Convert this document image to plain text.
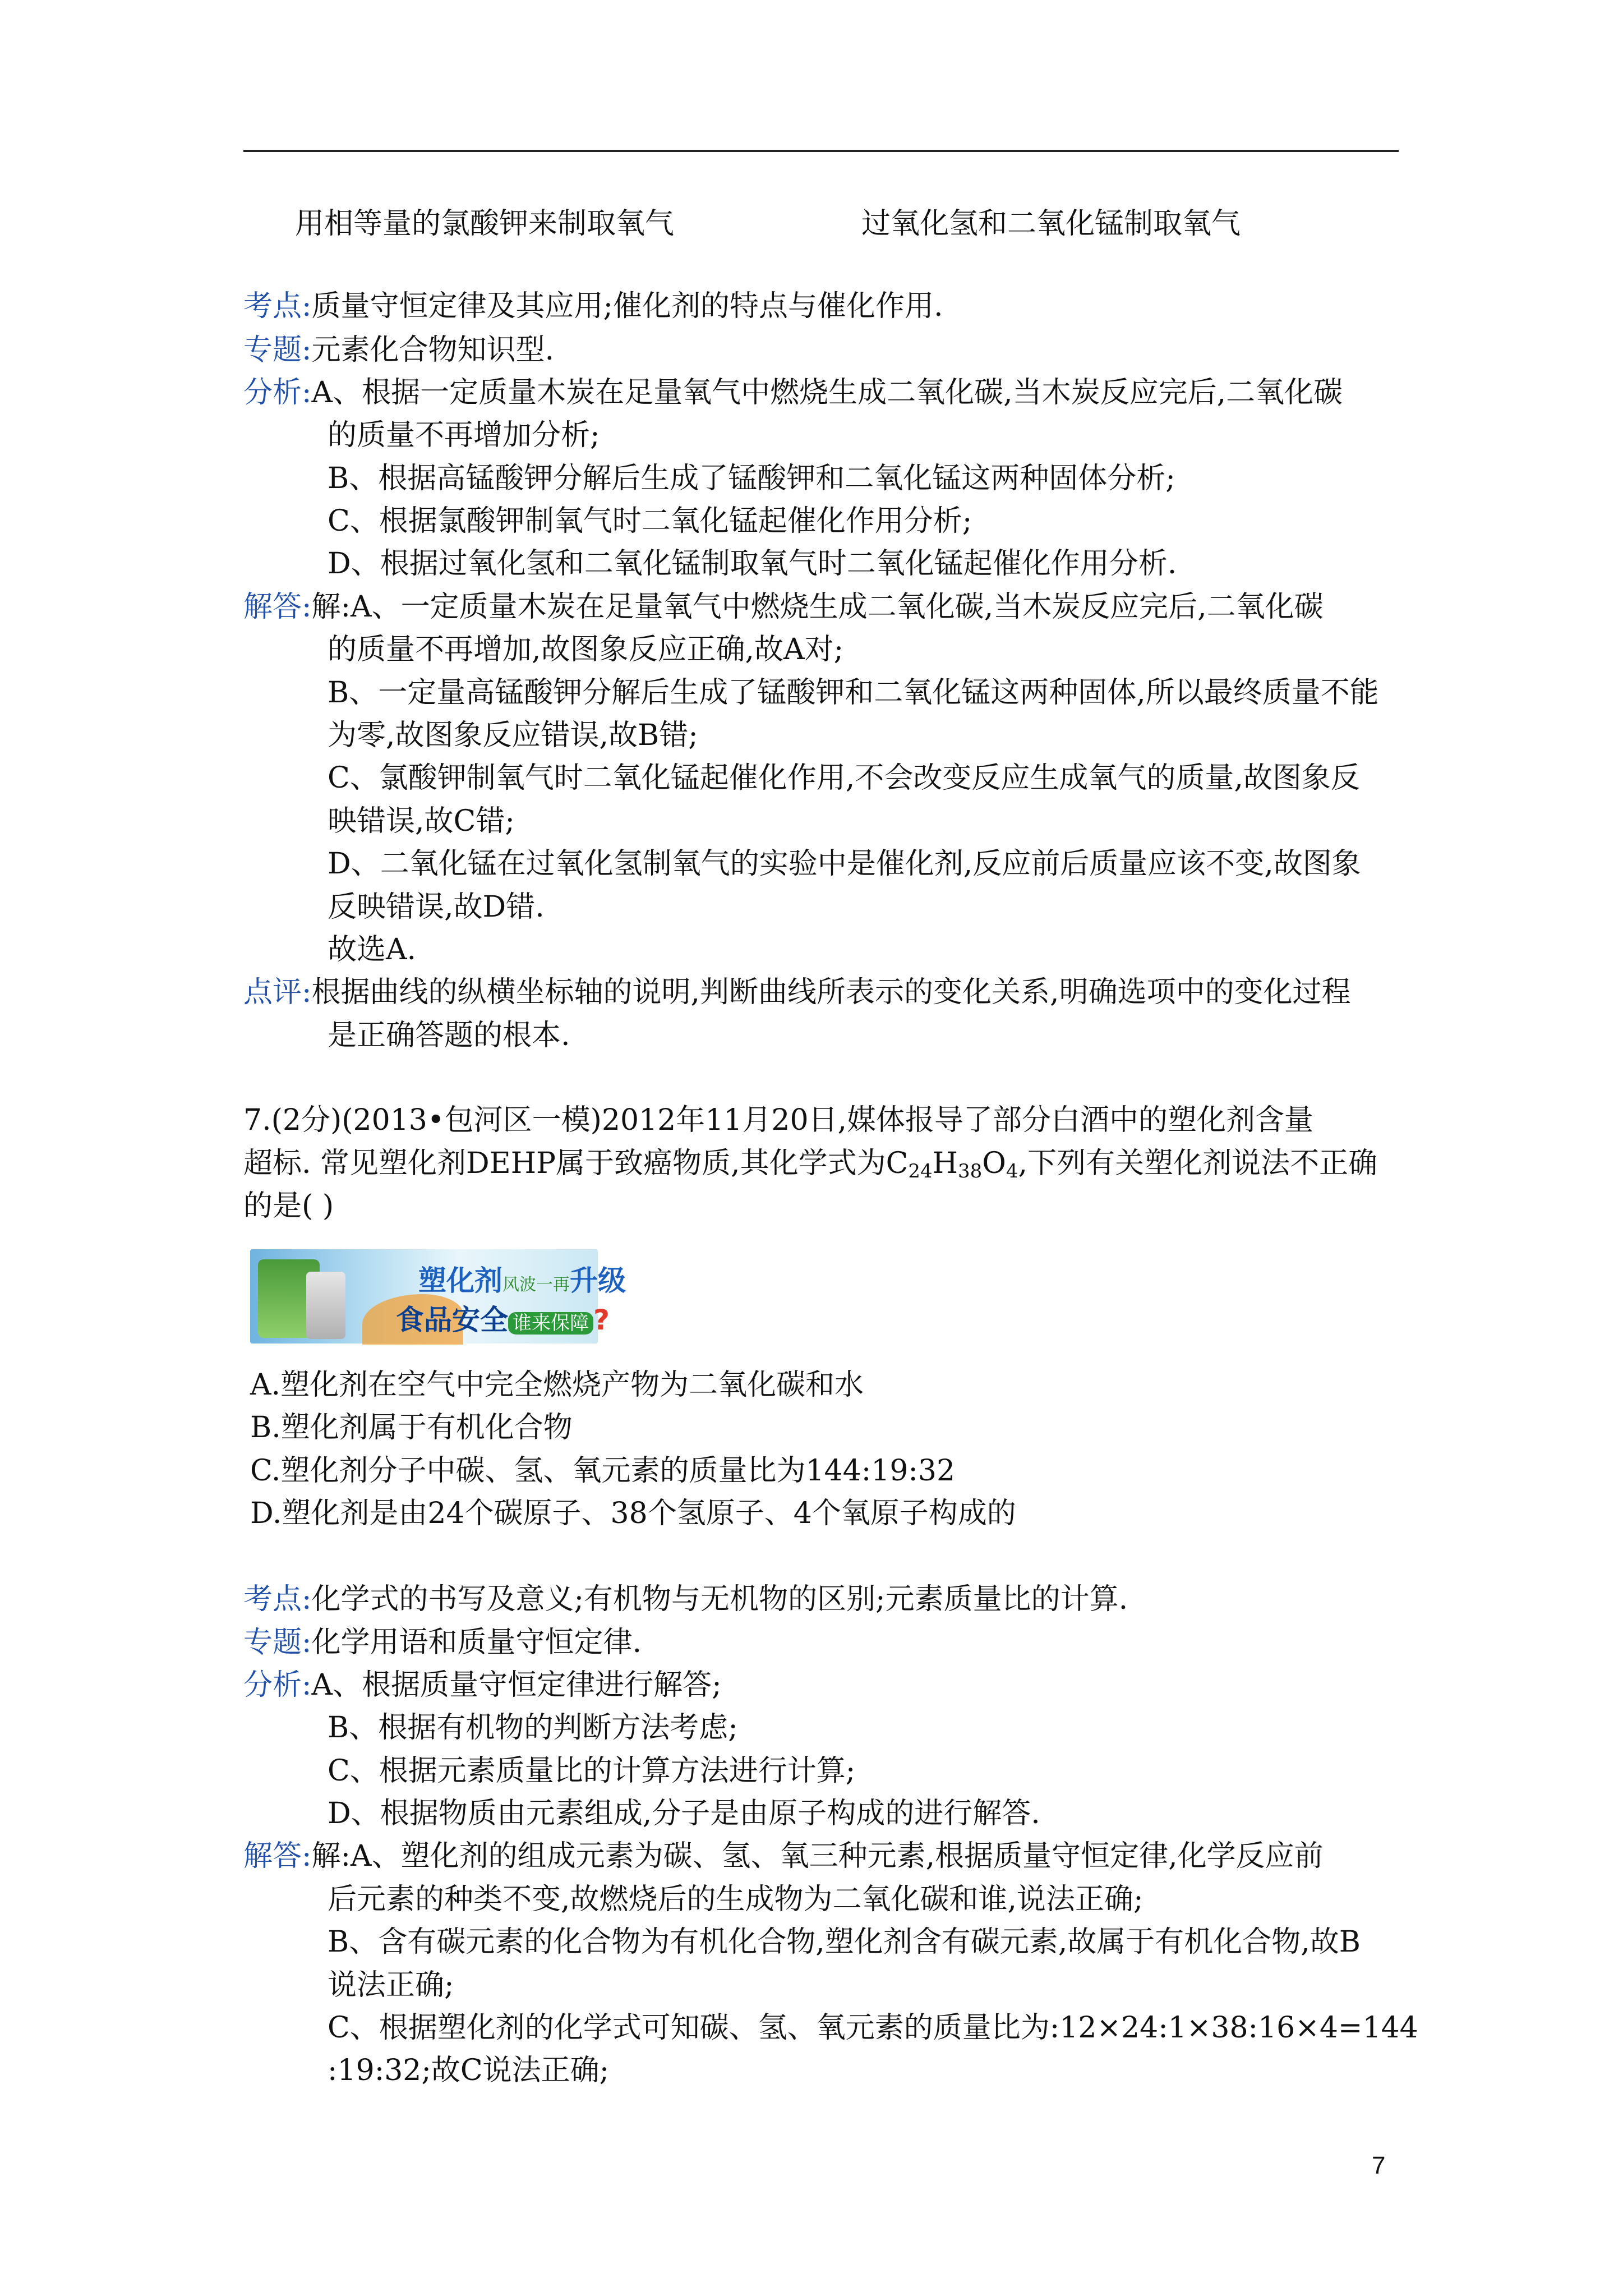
用相等量的氯酸钾来制取氧气	过氧化氢和二氧化锰制取氧气
考点:质量守恒定律及其应用;催化剂的特点与催化作用.
专题:元素化合物知识型.
分析:A、根据一定质量木炭在足量氧气中燃烧生成二氧化碳,当木炭反应完后,二氧化碳
的质量不再增加分析;
B、根据高锰酸钾分解后生成了锰酸钾和二氧化锰这两种固体分析;
C、根据氯酸钾制氧气时二氧化锰起催化作用分析;
D、根据过氧化氢和二氧化锰制取氧气时二氧化锰起催化作用分析.
解答:解:A、一定质量木炭在足量氧气中燃烧生成二氧化碳,当木炭反应完后,二氧化碳
的质量不再增加,故图象反应正确,故A对;
B、一定量高锰酸钾分解后生成了锰酸钾和二氧化锰这两种固体,所以最终质量不能
为零,故图象反应错误,故B错;
C、氯酸钾制氧气时二氧化锰起催化作用,不会改变反应生成氧气的质量,故图象反
映错误,故C错;
D、二氧化锰在过氧化氢制氧气的实验中是催化剂,反应前后质量应该不变,故图象
反映错误,故D错.
故选A.
点评:根据曲线的纵横坐标轴的说明,判断曲线所表示的变化关系,明确选项中的变化过程
是正确答题的根本.
7.(2分)(2013•包河区一模)2012年11月20日,媒体报导了部分白酒中的塑化剂含量
超标. 常见塑化剂DEHP属于致癌物质,其化学式为$C_{24}H_{38}O_4$,下列有关塑化剂说法不正确
的是( )
塑化剂风波一再升级
食品安全 谁来保障 ?
A.塑化剂在空气中完全燃烧产物为二氧化碳和水
B.塑化剂属于有机化合物
C.塑化剂分子中碳、氢、氧元素的质量比为144:19:32
D.塑化剂是由24个碳原子、38个氢原子、4个氧原子构成的
考点:化学式的书写及意义;有机物与无机物的区别;元素质量比的计算.
专题:化学用语和质量守恒定律.
分析:A、根据质量守恒定律进行解答;
B、根据有机物的判断方法考虑;
C、根据元素质量比的计算方法进行计算;
D、根据物质由元素组成,分子是由原子构成的进行解答.
解答:解:A、塑化剂的组成元素为碳、氢、氧三种元素,根据质量守恒定律,化学反应前
后元素的种类不变,故燃烧后的生成物为二氧化碳和谁,说法正确;
B、含有碳元素的化合物为有机化合物,塑化剂含有碳元素,故属于有机化合物,故B
说法正确;
C、根据塑化剂的化学式可知碳、氢、氧元素的质量比为:12×24:1×38:16×4=144
:19:32;故C说法正确;
7
